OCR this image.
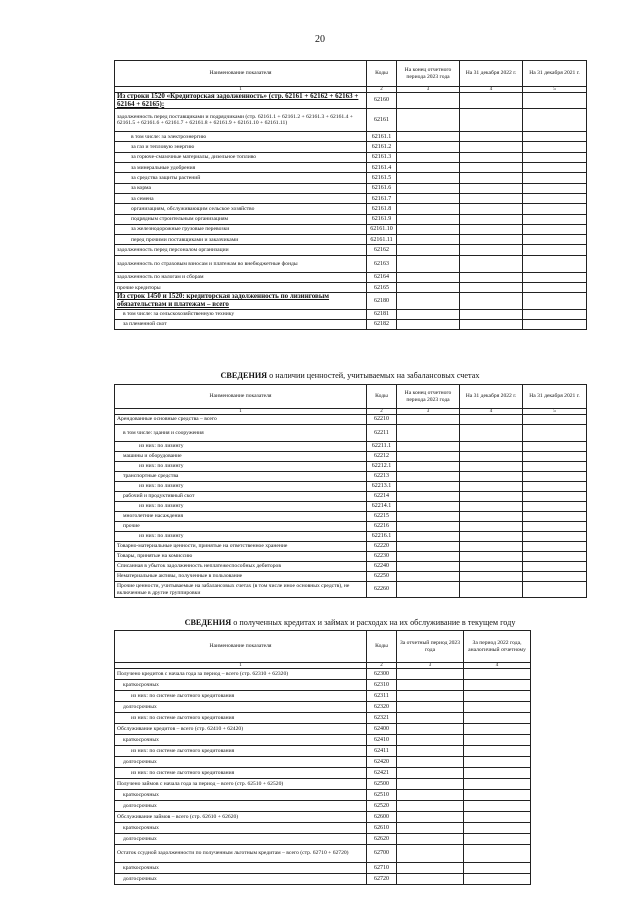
20
Наименование показателя	Коды	На конец отчетного периода 2023 года	На 31 декабря 2022 г.	На 31 декабря 2021 г.
1	2	3	4	5
Из строки 1520 «Кредиторская задолженность» (стр. 62161 + 62162 + 62163 + 62164 + 62165):	62160			
задолженность перед поставщиками и подрядчиками (стр. 62161.1 + 62161.2 + 62161.3 + 62161.4 + 62161.5 + 62161.6 + 62161.7 + 62161.8 + 62161.9 + 62161.10 + 62161.11)	62161			
в том числе: за электроэнергию	62161.1			
за газ и тепловую энергию	62161.2			
за горюче-смазочные материалы, дизельное топливо	62161.3			
за минеральные удобрения	62161.4			
за средства защиты растений	62161.5			
за корма	62161.6			
за семена	62161.7			
организациям, обслуживающим сельское хозяйство	62161.8			
подрядным строительным организациям	62161.9			
за железнодорожные грузовые перевозки	62161.10			
перед прочими поставщиками и заказчиками	62161.11			
задолженность перед персоналом организации	62162			
задолженность по страховым взносам и платежам во внебюджетные фонды	62163			
задолженность по налогам и сборам	62164			
прочие кредиторы	62165			
Из строк 1450 и 1520: кредиторская задолженность по лизинговым обязательствам и платежам – всего	62180			
в том числе: за сельскохозяйственную технику	62181			
за племенной скот	62182			
СВЕДЕНИЯ о наличии ценностей, учитываемых на забалансовых счетах
Наименование показателя	Коды	На конец отчетного периода 2023 года	На 31 декабря 2022 г.	На 31 декабря 2021 г.
1	2	3	4	5
Арендованные основные средства – всего	62210			
в том числе: здания и сооружения	62211			
из них: по лизингу	62211.1			
машины и оборудование	62212			
из них: по лизингу	62212.1			
транспортные средства	62213			
из них: по лизингу	62213.1			
рабочий и продуктивный скот	62214			
из них: по лизингу	62214.1			
многолетние насаждения	62215			
прочие	62216			
из них: по лизингу	62216.1			
Товарно-материальные ценности, принятые на ответственное хранение	62220			
Товары, принятые на комиссию	62230			
Списанная в убыток задолженность неплатежеспособных дебиторов	62240			
Нематериальные активы, полученные в пользование	62250			
Прочие ценности, учитываемые на забалансовых счетах (в том числе иное основных средств), не включенные в другие группировки	62260			
СВЕДЕНИЯ о полученных кредитах и займах и расходах на их обслуживание в текущем году
Наименование показателя	Коды	За отчетный период 2023 года	За период 2022 года, аналогичный отчетному
1	2	3	4
Получено кредитов с начала года за период – всего (стр. 62310 + 62320)	62300		
краткосрочных	62310		
из них: по системе льготного кредитования	62311		
долгосрочных	62320		
из них: по системе льготного кредитования	62321		
Обслуживание кредитов – всего (стр. 62410 + 62420)	62400		
краткосрочных	62410		
из них: по системе льготного кредитования	62411		
долгосрочных	62420		
из них: по системе льготного кредитования	62421		
Получено займов с начала года за период – всего (стр. 62510 + 62520)	62500		
краткосрочных	62510		
долгосрочных	62520		
Обслуживание займов – всего (стр. 62610 + 62620)	62600		
краткосрочных	62610		
долгосрочных	62620		
Остаток ссудной задолженности по полученным льготным кредитам – всего (стр. 62710 + 62720)	62700		
краткосрочных	62710		
долгосрочных	62720		
